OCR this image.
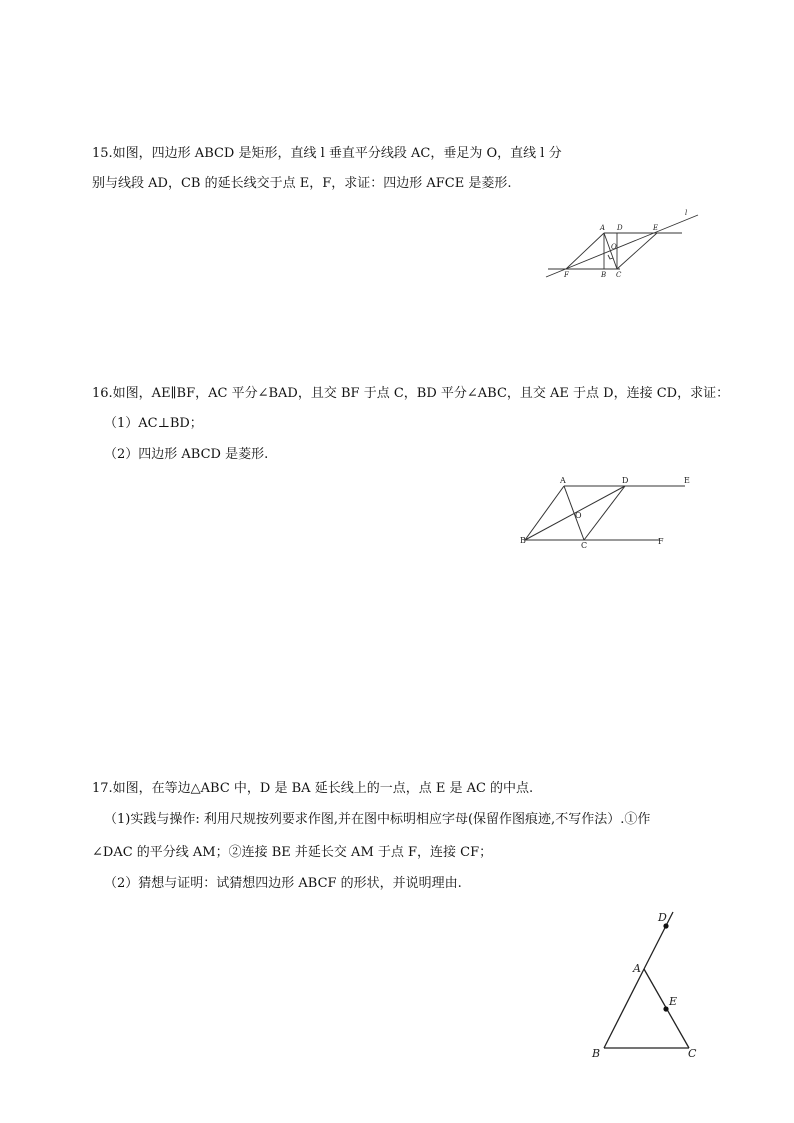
15.如图，四边形 ABCD 是矩形，直线 l 垂直平分线段 AC，垂足为 O，直线 l 分
别与线段 AD，CB 的延长线交于点 E，F，求证：四边形 AFCE 是菱形.
A D	E
l
O
F	B C
16.如图，AE∥BF，AC 平分∠BAD，且交 BF 于点 C，BD 平分∠ABC，且交 AE 于点 D，连接 CD，求证：
（1）AC⊥BD；
（2）四边形 ABCD 是菱形.
A	D	E
O
B
C	F
17.如图，在等边△ABC 中，D 是 BA 延长线上的一点，点 E 是 AC 的中点.
（1)实践与操作: 利用尺规按列要求作图,并在图中标明相应字母(保留作图痕迹,不写作法）.①作
∠DAC 的平分线 AM；②连接 BE 并延长交 AM 于点 F，连接 CF；
（2）猜想与证明：试猜想四边形 ABCF 的形状，并说明理由.
D
A
E
B	C
